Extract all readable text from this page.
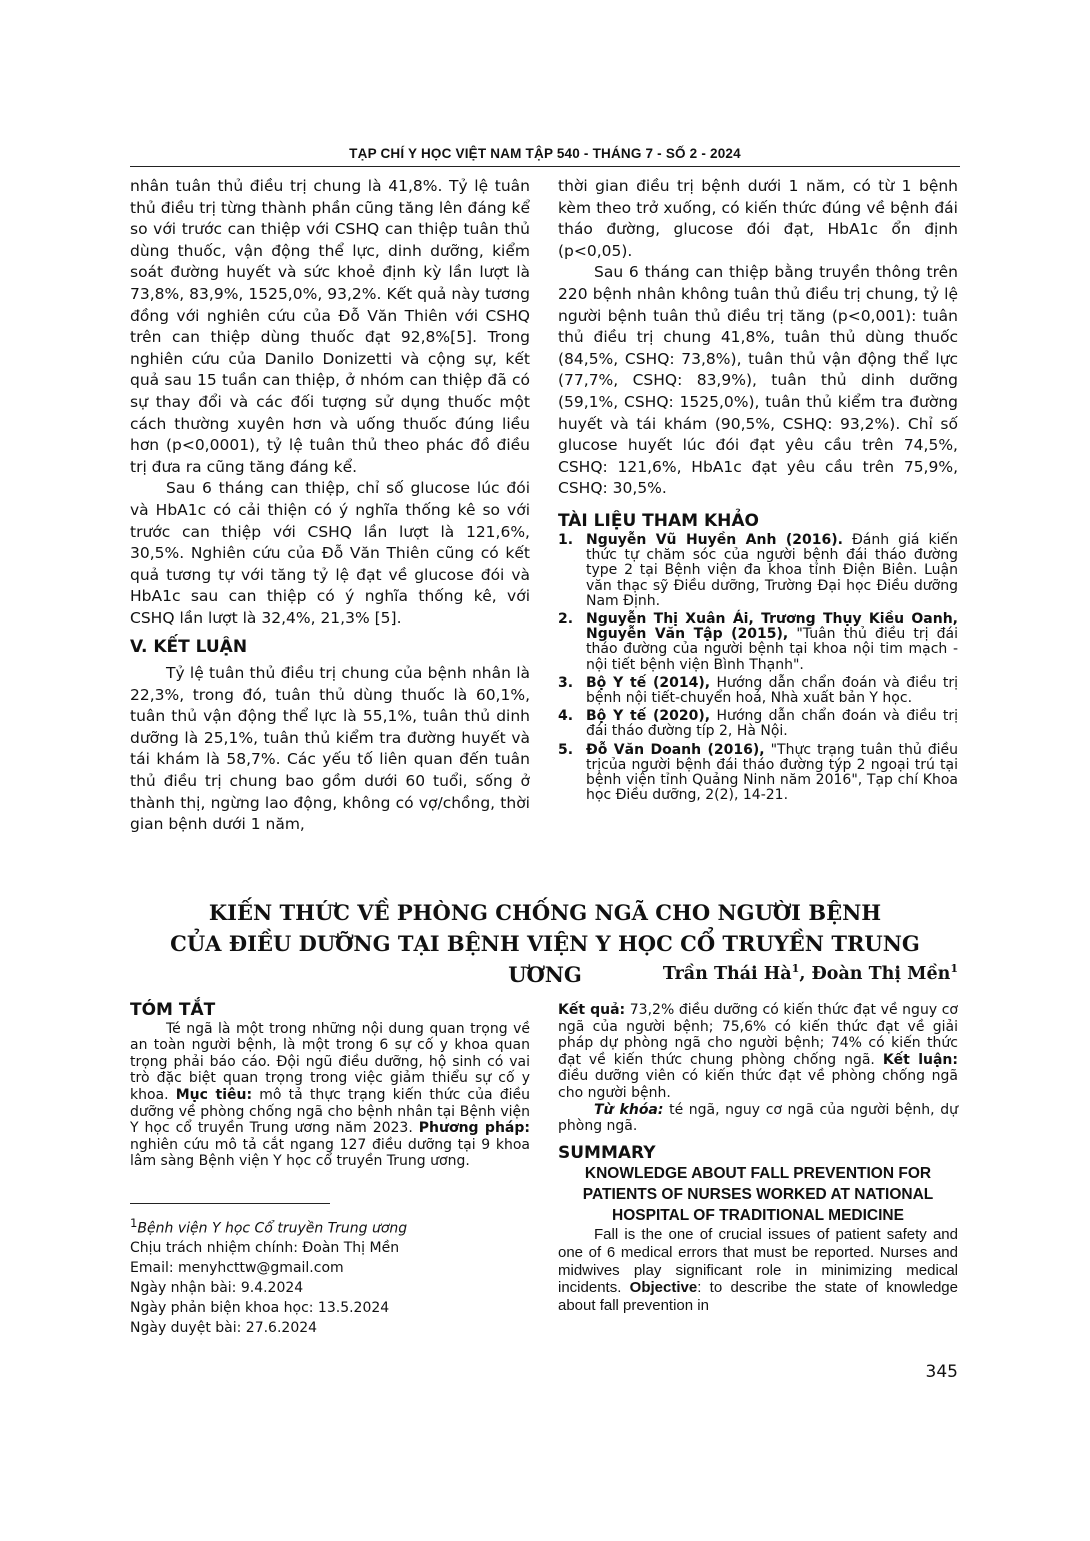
TẠP CHÍ Y HỌC VIỆT NAM TẬP 540 - THÁNG 7 - SỐ 2 - 2024

nhân tuân thủ điều trị chung là 41,8%. Tỷ lệ tuân thủ điều trị từng thành phần cũng tăng lên đáng kể so với trước can thiệp với CSHQ can thiệp tuân thủ dùng thuốc, vận động thể lực, dinh dưỡng, kiểm soát đường huyết và sức khoẻ định kỳ lần lượt là 73,8%, 83,9%, 1525,0%, 93,2%. Kết quả này tương đồng với nghiên cứu của Đỗ Văn Thiên với CSHQ trên can thiệp dùng thuốc đạt 92,8%[5]. Trong nghiên cứu của Danilo Donizetti và cộng sự, kết quả sau 15 tuần can thiệp, ở nhóm can thiệp đã có sự thay đổi và các đối tượng sử dụng thuốc một cách thường xuyên hơn và uống thuốc đúng liều hơn (p<0,0001), tỷ lệ tuân thủ theo phác đồ điều trị đưa ra cũng tăng đáng kể.

Sau 6 tháng can thiệp, chỉ số glucose lúc đói và HbA1c có cải thiện có ý nghĩa thống kê so với trước can thiệp với CSHQ lần lượt là 121,6%, 30,5%. Nghiên cứu của Đỗ Văn Thiên cũng có kết quả tương tự với tăng tỷ lệ đạt về glucose đói và HbA1c sau can thiệp có ý nghĩa thống kê, với CSHQ lần lượt là 32,4%, 21,3% [5].

V. KẾT LUẬN

Tỷ lệ tuân thủ điều trị chung của bệnh nhân là 22,3%, trong đó, tuân thủ dùng thuốc là 60,1%, tuân thủ vận động thể lực là 55,1%, tuân thủ dinh dưỡng là 25,1%, tuân thủ kiểm tra đường huyết và tái khám là 58,7%. Các yếu tố liên quan đến tuân thủ điều trị chung bao gồm dưới 60 tuổi, sống ở thành thị, ngừng lao động, không có vợ/chồng, thời gian bệnh dưới 1 năm,

thời gian điều trị bệnh dưới 1 năm, có từ 1 bệnh kèm theo trở xuống, có kiến thức đúng về bệnh đái tháo đường, glucose đói đạt, HbA1c ổn định (p<0,05).

Sau 6 tháng can thiệp bằng truyền thông trên 220 bệnh nhân không tuân thủ điều trị chung, tỷ lệ người bệnh tuân thủ điều trị tăng (p<0,001): tuân thủ điều trị chung 41,8%, tuân thủ dùng thuốc (84,5%, CSHQ: 73,8%), tuân thủ vận động thể lực (77,7%, CSHQ: 83,9%), tuân thủ dinh dưỡng (59,1%, CSHQ: 1525,0%), tuân thủ kiểm tra đường huyết và tái khám (90,5%, CSHQ: 93,2%). Chỉ số glucose huyết lúc đói đạt yêu cầu trên 74,5%, CSHQ: 121,6%, HbA1c đạt yêu cầu trên 75,9%, CSHQ: 30,5%.

TÀI LIỆU THAM KHẢO
1. Nguyễn Vũ Huyền Anh (2016). Đánh giá kiến thức tự chăm sóc của người bệnh đái tháo đường type 2 tại Bệnh viện đa khoa tỉnh Điện Biên. Luận văn thạc sỹ Điều dưỡng, Trường Đại học Điều dưỡng Nam Định.
2. Nguyễn Thị Xuân Ái, Trương Thụy Kiều Oanh, Nguyễn Văn Tập (2015), "Tuân thủ điều trị đái tháo đường của người bệnh tại khoa nội tim mạch - nội tiết bệnh viện Bình Thạnh".
3. Bộ Y tế (2014), Hướng dẫn chẩn đoán và điều trị bệnh nội tiết-chuyển hoá, Nhà xuất bản Y học.
4. Bộ Y tế (2020), Hướng dẫn chẩn đoán và điều trị đái tháo đường típ 2, Hà Nội.
5. Đỗ Văn Doanh (2016), "Thực trạng tuân thủ điều trịcủa người bệnh đái tháo đường týp 2 ngoại trú tại bệnh viện tỉnh Quảng Ninh năm 2016", Tạp chí Khoa học Điều dưỡng, 2(2), 14-21.
KIẾN THỨC VỀ PHÒNG CHỐNG NGÃ CHO NGƯỜI BỆNH
CỦA ĐIỀU DƯỠNG TẠI BỆNH VIỆN Y HỌC CỔ TRUYỀN TRUNG ƯƠNG	Trần Thái $Hà^1$, Đoàn Thị Mền$^1$
TÓM TẮT

Té ngã là một trong những nội dung quan trọng về an toàn người bệnh, là một trong 6 sự cố y khoa quan trọng phải báo cáo. Đội ngũ điều dưỡng, hộ sinh có vai trò đặc biệt quan trọng trong việc giảm thiểu sự cố y khoa. Mục tiêu: mô tả thực trạng kiến thức của điều dưỡng về phòng chống ngã cho bệnh nhân tại Bệnh viện Y học cổ truyền Trung ương năm 2023. Phương pháp: nghiên cứu mô tả cắt ngang 127 điều dưỡng tại 9 khoa lâm sàng Bệnh viện Y học cổ truyền Trung ương.

Kết quả: 73,2% điều dưỡng có kiến thức đạt về nguy cơ ngã của người bệnh; 75,6% có kiến thức đạt về giải pháp dự phòng ngã cho người bệnh; 74% có kiến thức đạt về kiến thức chung phòng chống ngã. Kết luận: điều dưỡng viên có kiến thức đạt về phòng chống ngã cho người bệnh.

Từ khóa: té ngã, nguy cơ ngã của người bệnh, dự phòng ngã.

SUMMARY
KNOWLEDGE ABOUT FALL PREVENTION FOR PATIENTS OF NURSES WORKED AT NATIONAL HOSPITAL OF TRADITIONAL MEDICINE

Fall is the one of crucial issues of patient safety and one of 6 medical errors that must be reported. Nurses and midwives play significant role in minimizing medical incidents. Objective: to describe the state of knowledge about fall prevention in

$^1$Bệnh viện Y học Cổ truyền Trung ương
Chịu trách nhiệm chính: Đoàn Thị Mền
Email: menyhcttw@gmail.com
Ngày nhận bài: 9.4.2024
Ngày phản biện khoa học: 13.5.2024
Ngày duyệt bài: 27.6.2024
345
